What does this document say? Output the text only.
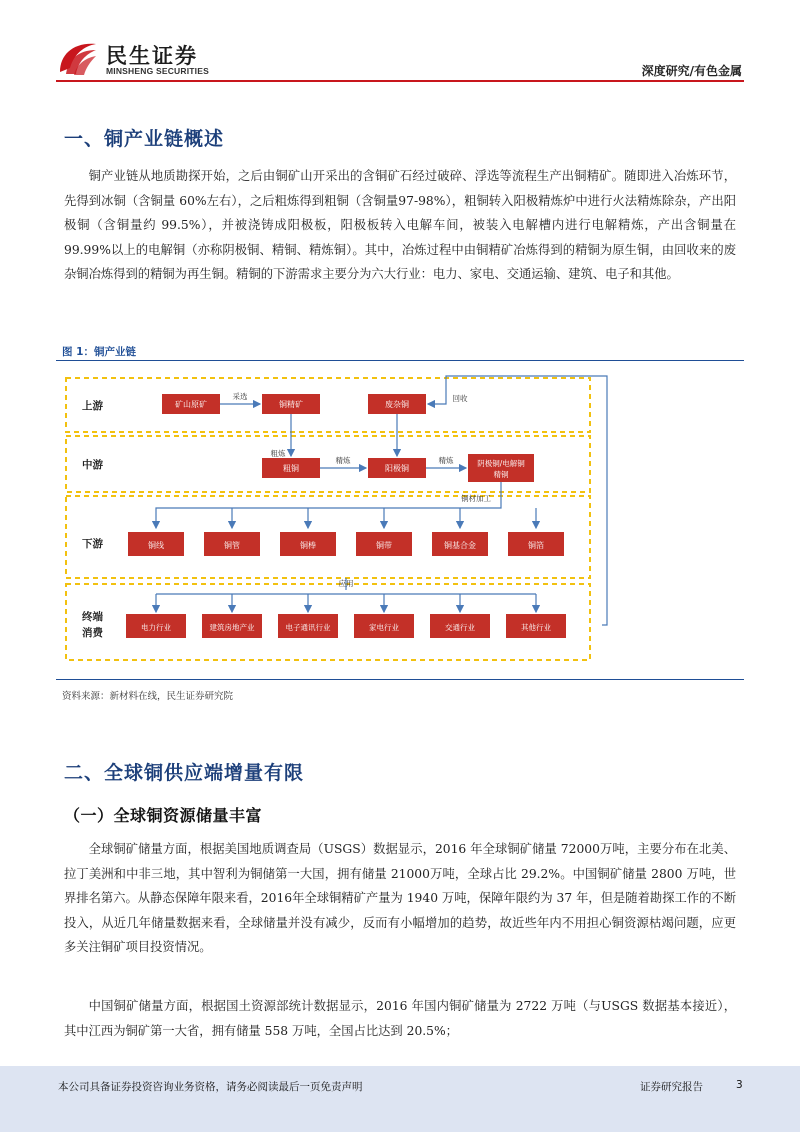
民生证券
MINSHENG SECURITIES	深度研究/有色金属
一、铜产业链概述
铜产业链从地质勘探开始，之后由铜矿山开采出的含铜矿石经过破碎、浮选等流程生产出铜精矿。随即进入冶炼环节，先得到冰铜（含铜量 60%左右），之后粗炼得到粗铜（含铜量97-98%），粗铜转入阳极精炼炉中进行火法精炼除杂，产出阳极铜（含铜量约 99.5%），并被浇铸成阳极板，阳极板转入电解车间，被装入电解槽内进行电解精炼，产出含铜量在 99.99%以上的电解铜（亦称阴极铜、精铜、精炼铜）。其中，冶炼过程中由铜精矿冶炼得到的精铜为原生铜，由回收来的废杂铜冶炼得到的精铜为再生铜。精铜的下游需求主要分为六大行业：电力、家电、交通运输、建筑、电子和其他。
图 1：铜产业链
上游
中游
下游
终端
消费
矿山原矿	铜精矿	废杂铜
粗铜	阳极铜
阴极铜/电解铜
精铜
采选
粗炼
精炼	精炼
回收
铜材加工
铜线	铜管	铜棒	铜带	铜基合金	铜箔
应用
电力行业	建筑房地产业	电子通讯行业	家电行业	交通行业	其他行业
资料来源：新材料在线，民生证券研究院
二、全球铜供应端增量有限
（一）全球铜资源储量丰富
全球铜矿储量方面，根据美国地质调查局（USGS）数据显示，2016 年全球铜矿储量 72000万吨，主要分布在北美、拉丁美洲和中非三地，其中智利为铜储第一大国，拥有储量 21000万吨，全球占比 29.2%。中国铜矿储量 2800 万吨，世界排名第六。从静态保障年限来看，2016年全球铜精矿产量为 1940 万吨，保障年限约为 37 年，但是随着勘探工作的不断投入，从近几年储量数据来看，全球储量并没有减少，反而有小幅增加的趋势，故近些年内不用担心铜资源枯竭问题，应更多关注铜矿项目投资情况。
中国铜矿储量方面，根据国土资源部统计数据显示，2016 年国内铜矿储量为 2722 万吨（与USGS 数据基本接近），其中江西为铜矿第一大省，拥有储量 558 万吨，全国占比达到 20.5%；
本公司具备证券投资咨询业务资格，请务必阅读最后一页免责声明	证券研究报告	3
